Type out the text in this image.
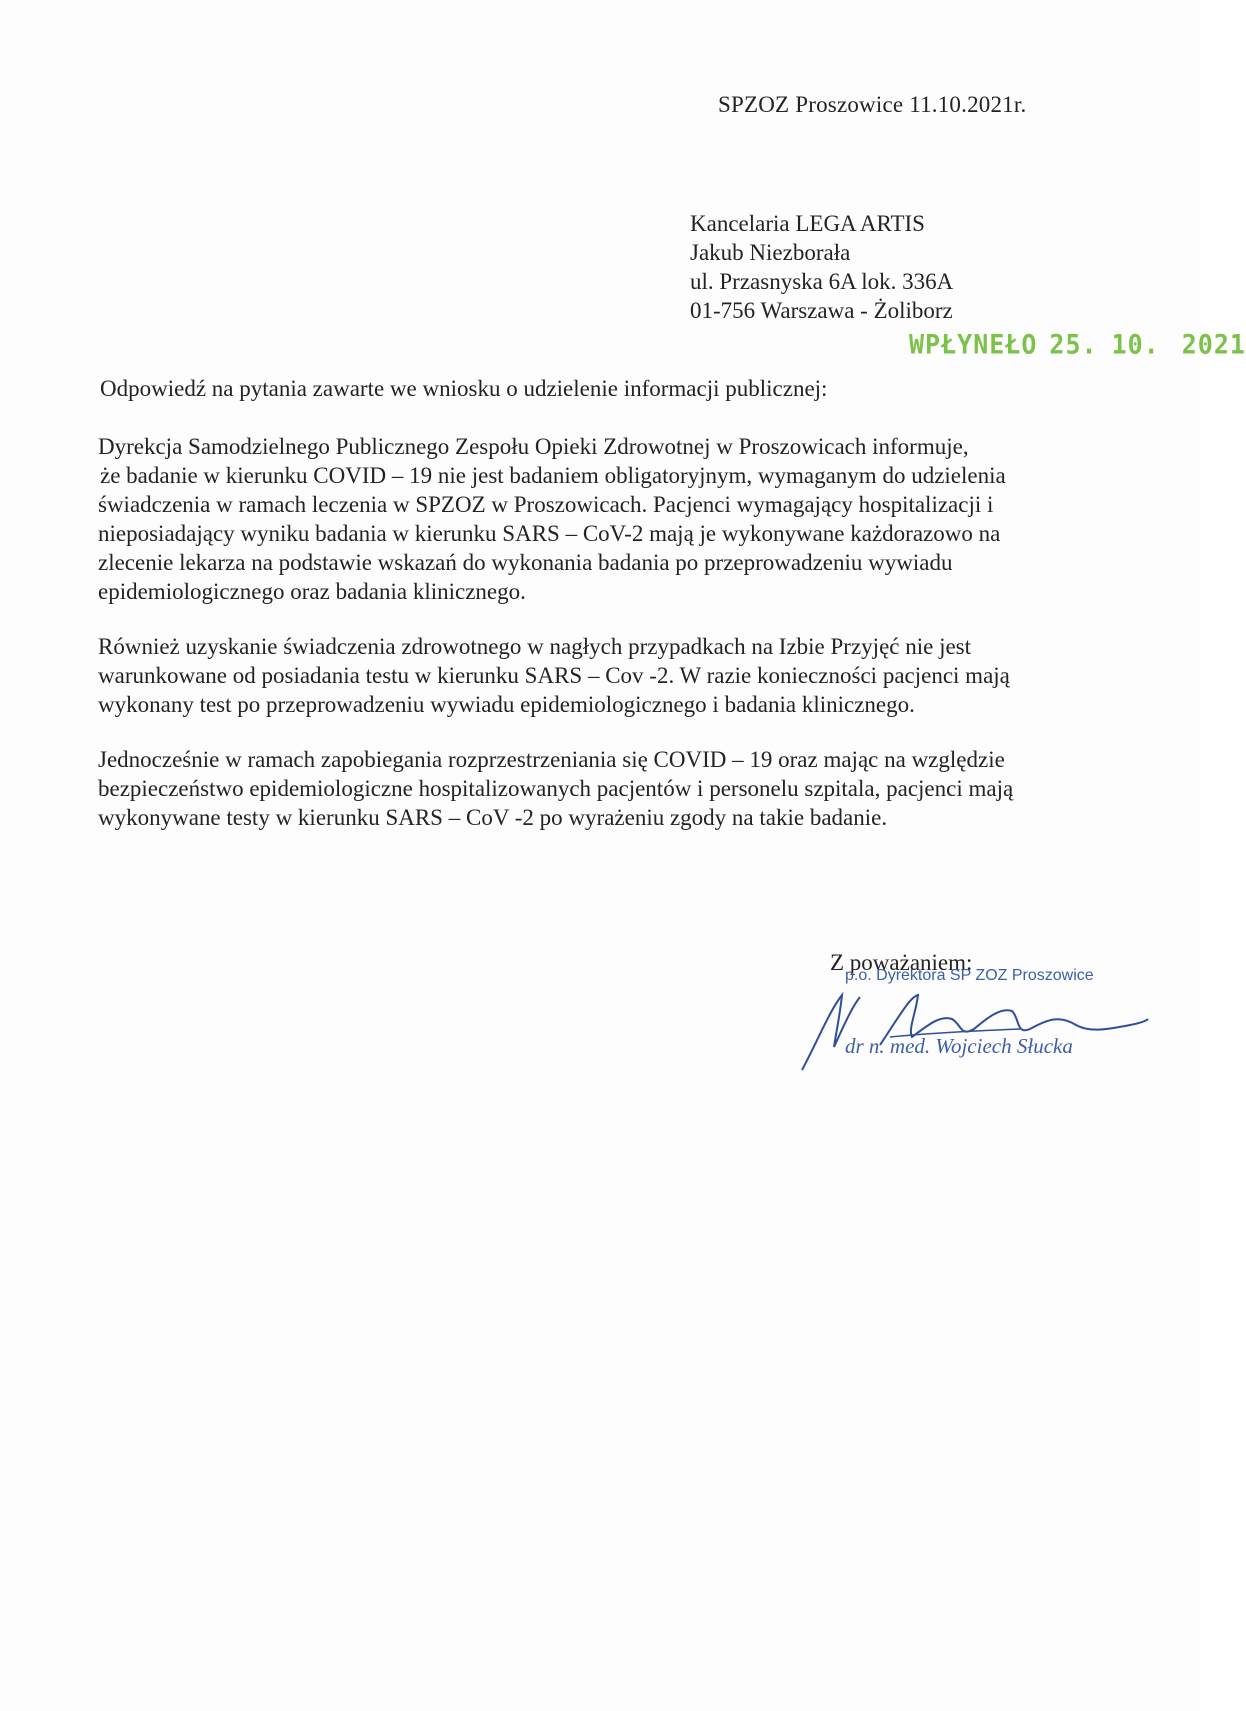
SPZOZ Proszowice 11.10.2021r.
Kancelaria LEGA ARTIS
Jakub Niezborała
ul. Przasnyska 6A lok. 336A
01-756 Warszawa - Żoliborz
WPŁYNEŁO 25. 10. 2021
Odpowiedź na pytania zawarte we wniosku o udzielenie informacji publicznej:
Dyrekcja Samodzielnego Publicznego Zespołu Opieki Zdrowotnej w Proszowicach informuje,
że badanie w kierunku COVID – 19 nie jest badaniem obligatoryjnym, wymaganym do udzielenia
świadczenia w ramach leczenia w SPZOZ w Proszowicach. Pacjenci wymagający hospitalizacji i
nieposiadający wyniku badania w kierunku SARS – CoV-2 mają je wykonywane każdorazowo na
zlecenie lekarza na podstawie wskazań do wykonania badania po przeprowadzeniu wywiadu
epidemiologicznego oraz badania klinicznego.
Również uzyskanie świadczenia zdrowotnego w nagłych przypadkach na Izbie Przyjęć nie jest
warunkowane od posiadania testu w kierunku SARS – Cov -2. W razie konieczności pacjenci mają
wykonany test po przeprowadzeniu wywiadu epidemiologicznego i badania klinicznego.
Jednocześnie w ramach zapobiegania rozprzestrzeniania się COVID – 19 oraz mając na względzie
bezpieczeństwo epidemiologiczne hospitalizowanych pacjentów i personelu szpitala, pacjenci mają
wykonywane testy w kierunku SARS – CoV -2 po wyrażeniu zgody na takie badanie.
Z poważaniem:
p.o. Dyrektora SP ZOZ Proszowice
dr n. med. Wojciech Słucka
